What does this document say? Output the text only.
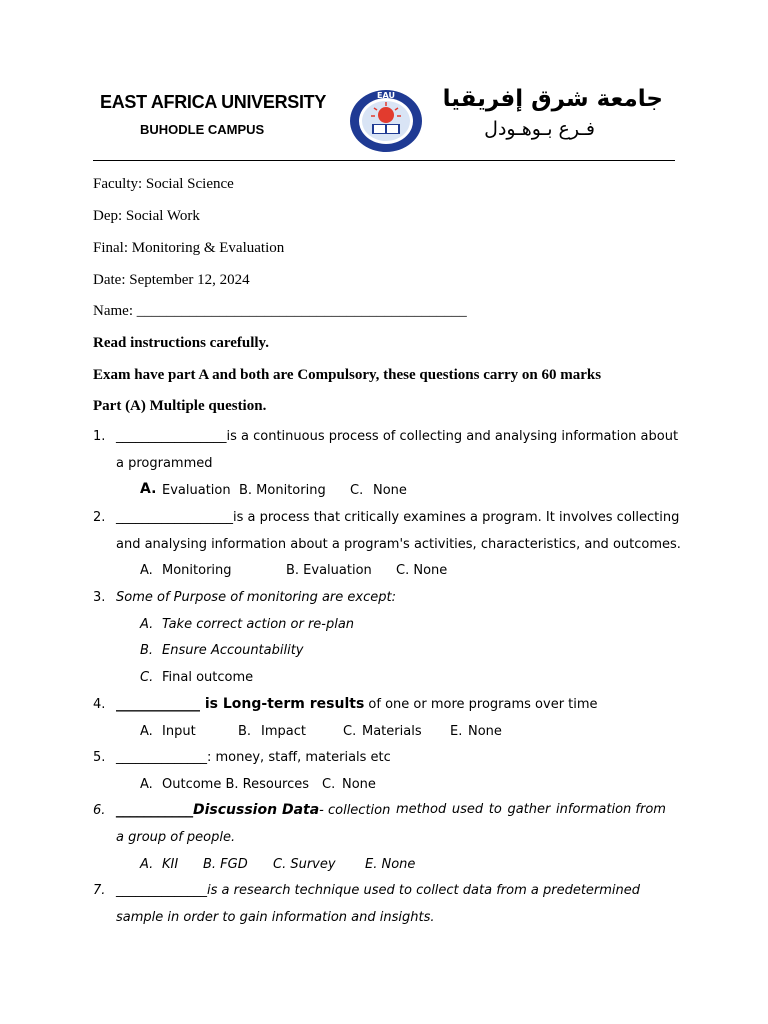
EAST AFRICA UNIVERSITY
BUHODLE CAMPUS
EAU جامعة شرق إفريقيا
فـرع بـوهـودل
Faculty: Social Science
Dep: Social Work
Final: Monitoring & Evaluation
Date: September 12, 2024
Name: ____________________________________________
Read instructions carefully.
Exam have part A and both are Compulsory, these questions carry on 60 marks
Part (A) Multiple question.
1. _________________is a continuous process of collecting and analysing information about
a programmed
A. Evaluation B. Monitoring C. None
2. __________________is a process that critically examines a program. It involves collecting
and analysing information about a program's activities, characteristics, and outcomes.
A. Monitoring	B. Evaluation C. None
3. Some of Purpose of monitoring are except:
A. Take correct action or re-plan
B. Ensure Accountability
C. Final outcome
4. ____________ is Long-term results of one or more programs over time
A. Input	B. Impact	C. Materials E. None
5. ______________: money, staff, materials etc
A. Outcome B. Resources C. None
6. ___________Discussion Data- collection method used to gather information from
a group of people.
A. KII B. FGD C. Survey E. None
7. ______________is a research technique used to collect data from a predetermined
sample in order to gain information and insights.
